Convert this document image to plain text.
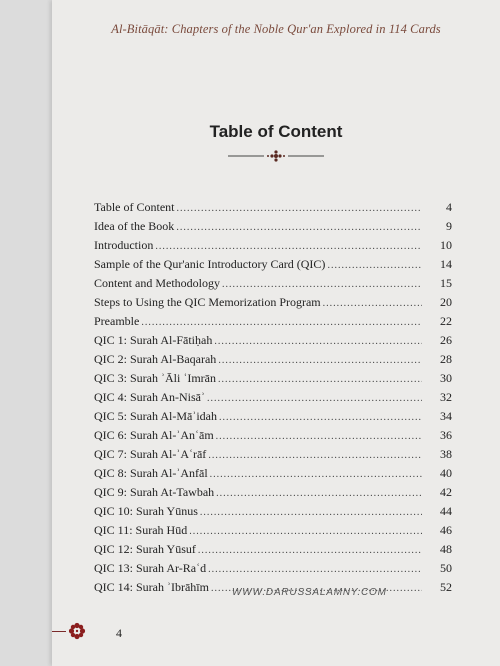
Al-Bitāqāt: Chapters of the Noble Qur'an Explored in 114 Cards
Table of Content
Table of Content .....	4
Idea of the Book .....	9
Introduction .....	10
Sample of the Qur'anic Introductory Card (QIC) .....	14
Content and Methodology .....	15
Steps to Using the QIC Memorization Program .....	20
Preamble .....	22
QIC 1: Surah Al-Fātiḥah .....	26
QIC 2: Surah Al-Baqarah .....	28
QIC 3: Surah ʾĀli ʿImrān .....	30
QIC 4: Surah An-Nisāʾ .....	32
QIC 5: Surah Al-Māʾidah .....	34
QIC 6: Surah Al-ʾAnʿām .....	36
QIC 7: Surah Al-ʾAʿrāf .....	38
QIC 8: Surah Al-ʾAnfāl .....	40
QIC 9: Surah At-Tawbah .....	42
QIC 10: Surah Yūnus .....	44
QIC 11: Surah Hūd .....	46
QIC 12: Surah Yūsuf .....	48
QIC 13: Surah Ar-Raʿd .....	50
QIC 14: Surah ʾIbrāhīm .....	52
WWW.DARUSSALAMNY.COM
4
